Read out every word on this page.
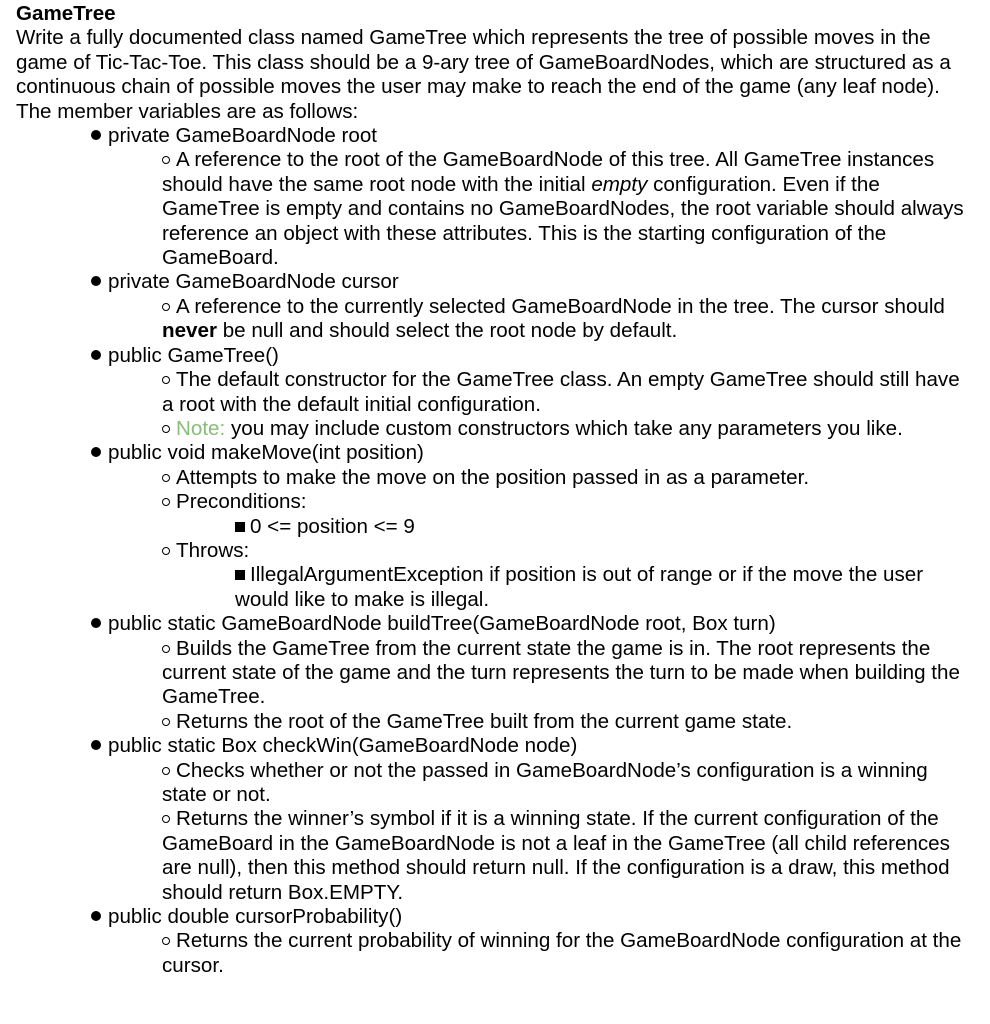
GameTree

Write a fully documented class named GameTree which represents the tree of possible moves in the game of Tic-Tac-Toe. This class should be a 9-ary tree of GameBoardNodes, which are structured as a continuous chain of possible moves the user may make to reach the end of the game (any leaf node). The member variables are as follows:

private GameBoardNode root
A reference to the root of the GameBoardNode of this tree. All GameTree instances should have the same root node with the initial empty configuration. Even if the GameTree is empty and contains no GameBoardNodes, the root variable should always reference an object with these attributes. This is the starting configuration of the GameBoard.
private GameBoardNode cursor
A reference to the currently selected GameBoardNode in the tree. The cursor should never be null and should select the root node by default.
public GameTree()
The default constructor for the GameTree class. An empty GameTree should still have a root with the default initial configuration.
Note: you may include custom constructors which take any parameters you like.
public void makeMove(int position)
Attempts to make the move on the position passed in as a parameter.
Preconditions:
0 <= position <= 9
Throws:
IllegalArgumentException if position is out of range or if the move the user would like to make is illegal.
public static GameBoardNode buildTree(GameBoardNode root, Box turn)
Builds the GameTree from the current state the game is in. The root represents the current state of the game and the turn represents the turn to be made when building the GameTree.
Returns the root of the GameTree built from the current game state.
public static Box checkWin(GameBoardNode node)
Checks whether or not the passed in GameBoardNode’s configuration is a winning state or not.
Returns the winner’s symbol if it is a winning state. If the current configuration of the GameBoard in the GameBoardNode is not a leaf in the GameTree (all child references are null), then this method should return null. If the configuration is a draw, this method should return Box.EMPTY.
public double cursorProbability()
Returns the current probability of winning for the GameBoardNode configuration at the cursor.
